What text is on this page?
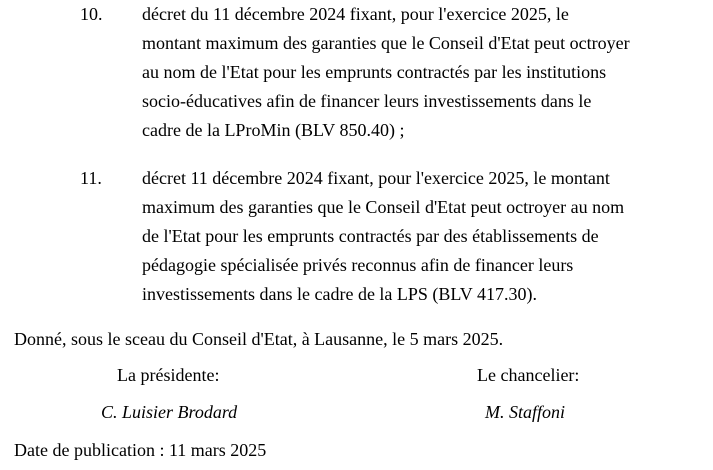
10. décret du 11 décembre 2024 fixant, pour l'exercice 2025, le
montant maximum des garanties que le Conseil d'Etat peut octroyer
au nom de l'Etat pour les emprunts contractés par les institutions
socio-éducatives afin de financer leurs investissements dans le
cadre de la LProMin (BLV 850.40) ;
11. décret 11 décembre 2024 fixant, pour l'exercice 2025, le montant
maximum des garanties que le Conseil d'Etat peut octroyer au nom
de l'Etat pour les emprunts contractés par des établissements de
pédagogie spécialisée privés reconnus afin de financer leurs
investissements dans le cadre de la LPS (BLV 417.30).
Donné, sous le sceau du Conseil d'Etat, à Lausanne, le 5 mars 2025.
La présidente:	Le chancelier:
C. Luisier Brodard	M. Staffoni
Date de publication : 11 mars 2025
